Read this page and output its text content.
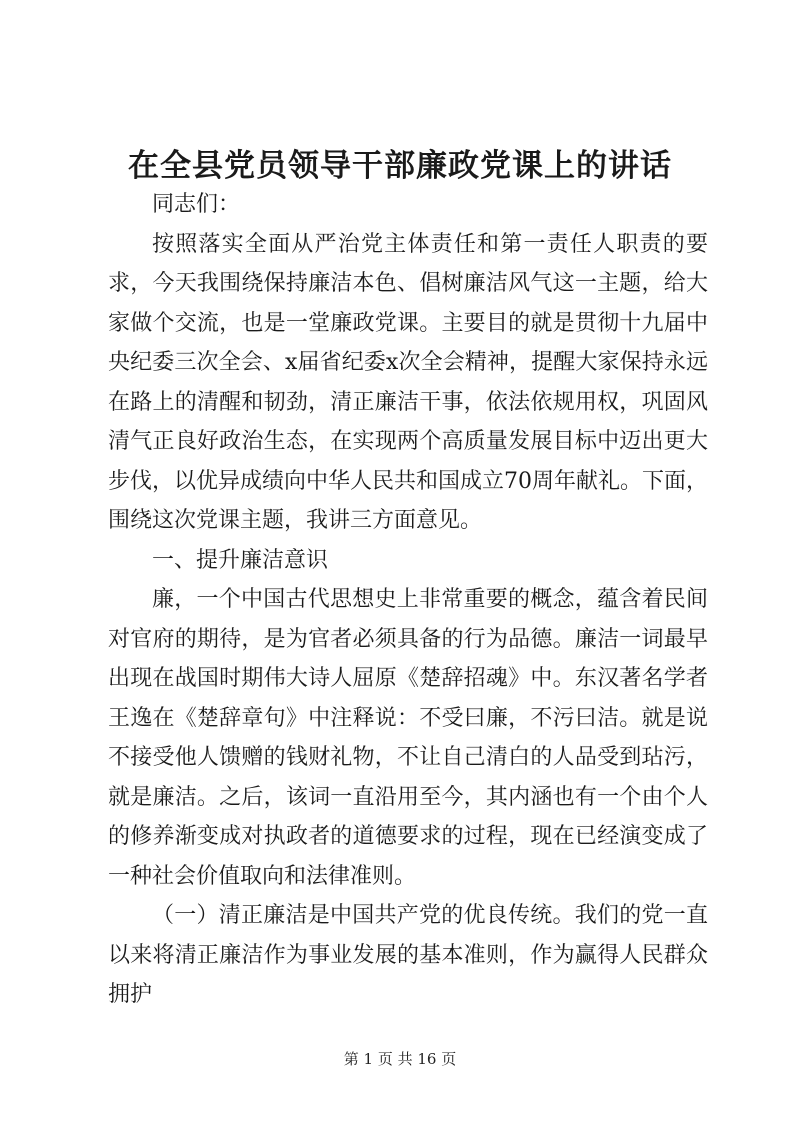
在全县党员领导干部廉政党课上的讲话

同志们：

按照落实全面从严治党主体责任和第一责任人职责的要求，今天我围绕保持廉洁本色、倡树廉洁风气这一主题，给大家做个交流，也是一堂廉政党课。主要目的就是贯彻十九届中央纪委三次全会、x届省纪委x次全会精神，提醒大家保持永远在路上的清醒和韧劲，清正廉洁干事，依法依规用权，巩固风清气正良好政治生态，在实现两个高质量发展目标中迈出更大步伐，以优异成绩向中华人民共和国成立70周年献礼。下面，围绕这次党课主题，我讲三方面意见。

一、提升廉洁意识

廉，一个中国古代思想史上非常重要的概念，蕴含着民间对官府的期待，是为官者必须具备的行为品德。廉洁一词最早出现在战国时期伟大诗人屈原《楚辞招魂》中。东汉著名学者王逸在《楚辞章句》中注释说：不受曰廉，不污曰洁。就是说不接受他人馈赠的钱财礼物，不让自己清白的人品受到玷污，就是廉洁。之后，该词一直沿用至今，其内涵也有一个由个人的修养渐变成对执政者的道德要求的过程，现在已经演变成了一种社会价值取向和法律准则。

（一）清正廉洁是中国共产党的优良传统。我们的党一直以来将清正廉洁作为事业发展的基本准则，作为赢得人民群众拥护

第 1 页 共 16 页
